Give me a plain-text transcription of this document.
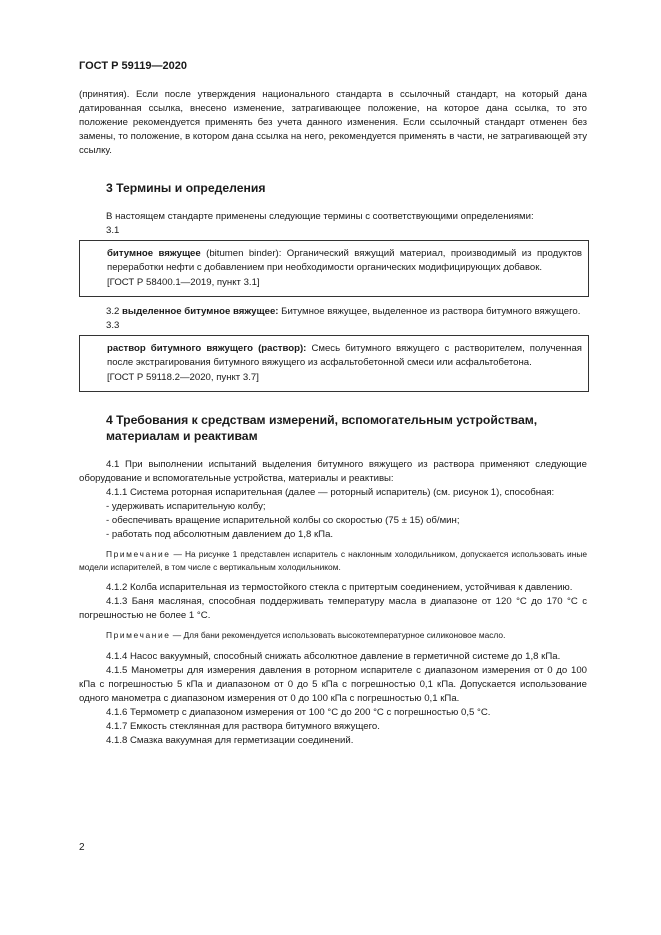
ГОСТ Р 59119—2020

(принятия). Если после утверждения национального стандарта в ссылочный стандарт, на который дана датированная ссылка, внесено изменение, затрагивающее положение, на которое дана ссылка, то это положение рекомендуется применять без учета данного изменения. Если ссылочный стандарт отменен без замены, то положение, в котором дана ссылка на него, рекомендуется применять в части, не затрагивающей эту ссылку.

3 Термины и определения

В настоящем стандарте применены следующие термины с соответствующими определениями:

3.1

битумное вяжущее (bitumen binder): Органический вяжущий материал, производимый из продуктов переработки нефти с добавлением при необходимости органических модифицирующих добавок.

[ГОСТ Р 58400.1—2019, пункт 3.1]

3.2 выделенное битумное вяжущее: Битумное вяжущее, выделенное из раствора битумного вяжущего.

3.3

раствор битумного вяжущего (раствор): Смесь битумного вяжущего с растворителем, полученная после экстрагирования битумного вяжущего из асфальтобетонной смеси или асфальтобетона.

[ГОСТ Р 59118.2—2020, пункт 3.7]

4 Требования к средствам измерений, вспомогательным устройствам,
материалам и реактивам

4.1 При выполнении испытаний выделения битумного вяжущего из раствора применяют следующие оборудование и вспомогательные устройства, материалы и реактивы:

4.1.1 Система роторная испарительная (далее — роторный испаритель) (см. рисунок 1), способная:

- удерживать испарительную колбу;

- обеспечивать вращение испарительной колбы со скоростью (75 ± 15) об/мин;

- работать под абсолютным давлением до 1,8 кПа.

Примечание — На рисунке 1 представлен испаритель с наклонным холодильником, допускается использовать иные модели испарителей, в том числе с вертикальным холодильником.

4.1.2 Колба испарительная из термостойкого стекла с притертым соединением, устойчивая к давлению.

4.1.3 Баня масляная, способная поддерживать температуру масла в диапазоне от 120 °С до 170 °С с погрешностью не более 1 °С.

Примечание — Для бани рекомендуется использовать высокотемпературное силиконовое масло.

4.1.4 Насос вакуумный, способный снижать абсолютное давление в герметичной системе до 1,8 кПа.

4.1.5 Манометры для измерения давления в роторном испарителе с диапазоном измерения от 0 до 100 кПа с погрешностью 5 кПа и диапазоном от 0 до 5 кПа с погрешностью 0,1 кПа. Допускается использование одного манометра с диапазоном измерения от 0 до 100 кПа с погрешностью 0,1 кПа.

4.1.6 Термометр с диапазоном измерения от 100 °С до 200 °С с погрешностью 0,5 °С.

4.1.7 Емкость стеклянная для раствора битумного вяжущего.

4.1.8 Смазка вакуумная для герметизации соединений.

2
